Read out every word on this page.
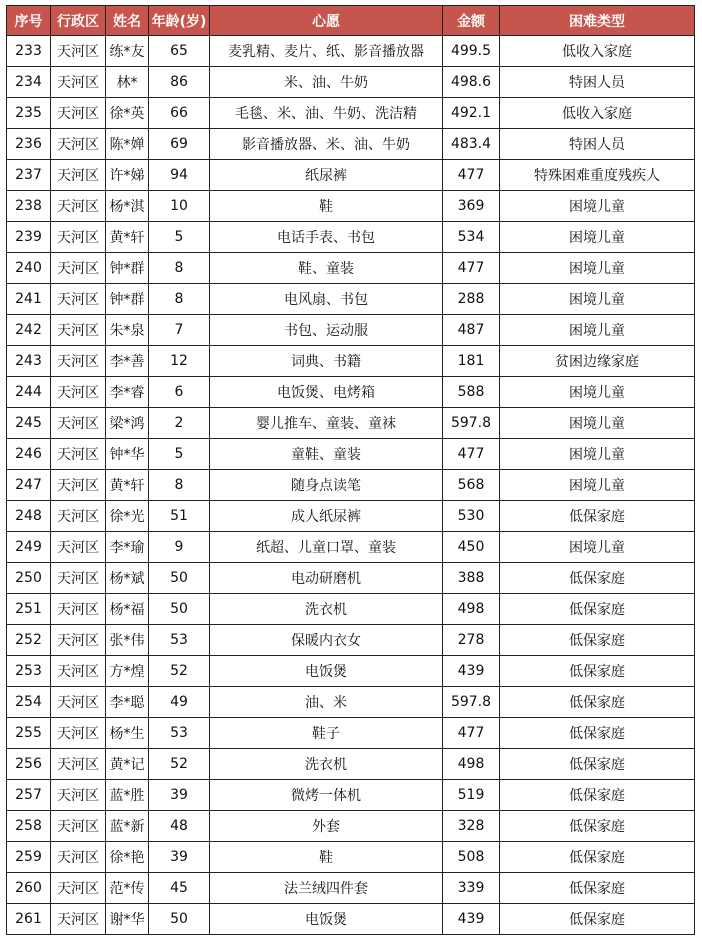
序号	行政区	姓名	年龄(岁)	心愿	金额	困难类型
233	天河区	练*友	65	麦乳精、麦片、纸、影音播放器	499.5	低收入家庭
234	天河区	林*	86	米、油、牛奶	498.6	特困人员
235	天河区	徐*英	66	毛毯、米、油、牛奶、洗洁精	492.1	低收入家庭
236	天河区	陈*婵	69	影音播放器、米、油、牛奶	483.4	特困人员
237	天河区	许*娣	94	纸尿裤	477	特殊困难重度残疾人
238	天河区	杨*淇	10	鞋	369	困境儿童
239	天河区	黄*轩	5	电话手表、书包	534	困境儿童
240	天河区	钟*群	8	鞋、童装	477	困境儿童
241	天河区	钟*群	8	电风扇、书包	288	困境儿童
242	天河区	朱*泉	7	书包、运动服	487	困境儿童
243	天河区	李*善	12	词典、书籍	181	贫困边缘家庭
244	天河区	李*睿	6	电饭煲、电烤箱	588	困境儿童
245	天河区	梁*鸿	2	婴儿推车、童装、童袜	597.8	困境儿童
246	天河区	钟*华	5	童鞋、童装	477	困境儿童
247	天河区	黄*轩	8	随身点读笔	568	困境儿童
248	天河区	徐*光	51	成人纸尿裤	530	低保家庭
249	天河区	李*瑜	9	纸超、儿童口罩、童装	450	困境儿童
250	天河区	杨*斌	50	电动研磨机	388	低保家庭
251	天河区	杨*福	50	洗衣机	498	低保家庭
252	天河区	张*伟	53	保暖内衣女	278	低保家庭
253	天河区	方*煌	52	电饭煲	439	低保家庭
254	天河区	李*聪	49	油、米	597.8	低保家庭
255	天河区	杨*生	53	鞋子	477	低保家庭
256	天河区	黄*记	52	洗衣机	498	低保家庭
257	天河区	蓝*胜	39	微烤一体机	519	低保家庭
258	天河区	蓝*新	48	外套	328	低保家庭
259	天河区	徐*艳	39	鞋	508	低保家庭
260	天河区	范*传	45	法兰绒四件套	339	低保家庭
261	天河区	谢*华	50	电饭煲	439	低保家庭
